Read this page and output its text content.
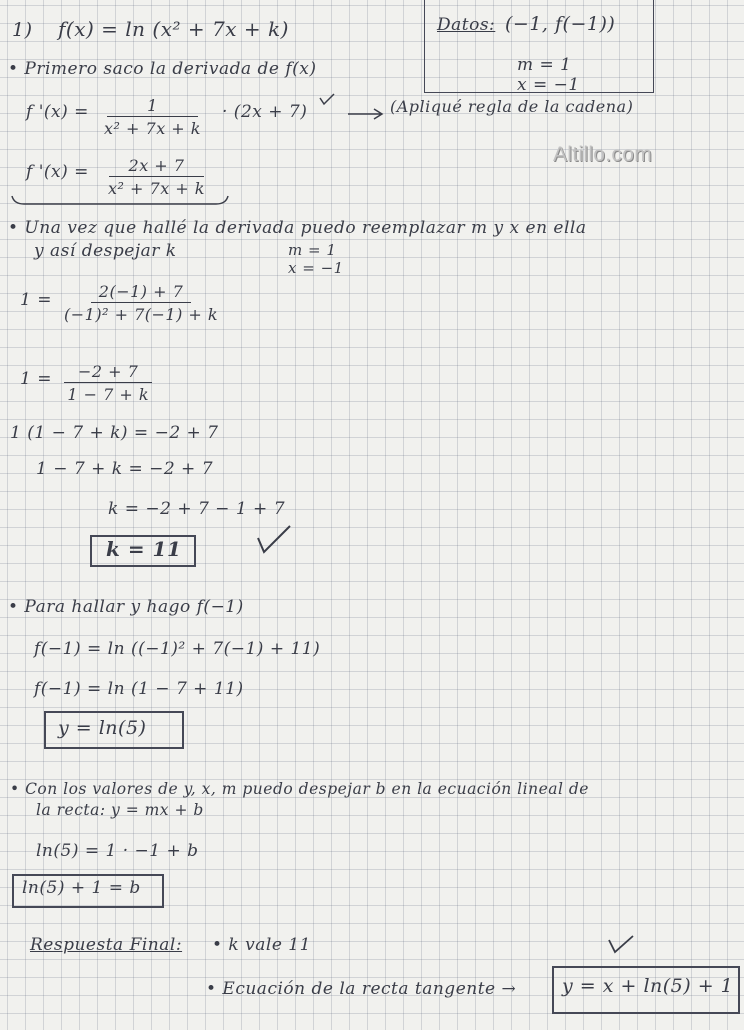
Altillo.com
1) f(x) = ln (x² + 7x + k)	Datos: (−1, f(−1))
m = 1
x = −1
• Primero saco la derivada de f(x)
f '$(x) = \frac{1}{\text{x² + 7x + k}} \cdot (2x + 7)$	(Apliqué regla de la cadena)
f '$(x) = \frac{2x + 7}{\text{x² + 7x + k}}$
• Una vez que hallé la derivada puedo reemplazar m y x en ella
y así despejar k	m = 1
x = −1
$1 = \frac{2(-1) + 7}{\text{(−1)² + 7(−1) + k}}$
$1 = \frac{-2 + 7}{1 - 7 + k}$
1 (1 − 7 + k) = −2 + 7
1 − 7 + k = −2 + 7
k = −2 + 7 − 1 + 7
k = 11
• Para hallar y hago f(−1)
f(−1) = ln ((−1)² + 7(−1) + 11)
f(−1) = ln (1 − 7 + 11)
y = ln(5)
• Con los valores de y, x, m puedo despejar b en la ecuación lineal de
la recta: y = mx + b
ln(5) = 1 · −1 + b
ln(5) + 1 = b
Respuesta Final: • k vale 11
• Ecuación de la recta tangente → y = x + ln(5) + 1
